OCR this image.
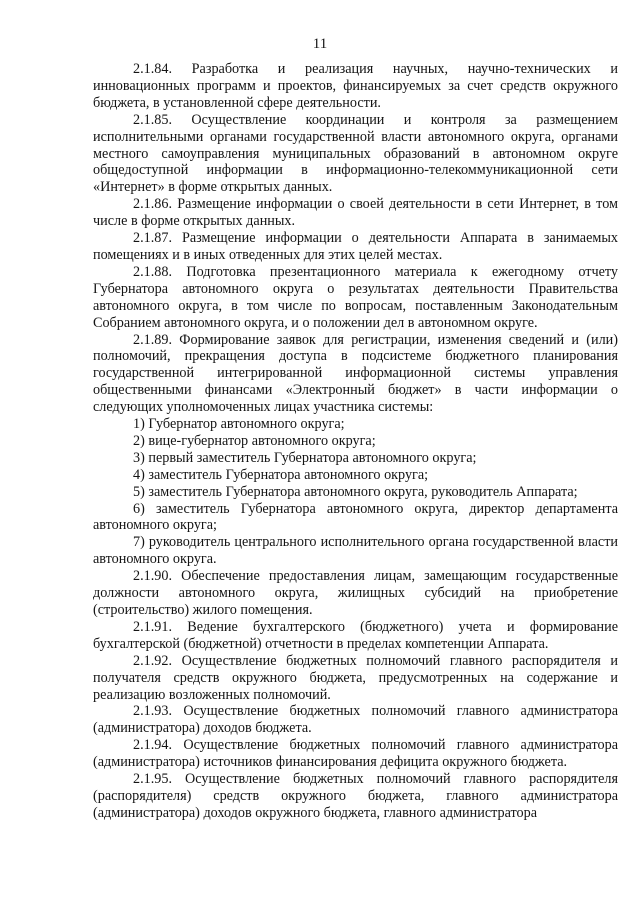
11

2.1.84. Разработка и реализация научных, научно-технических и инновационных программ и проектов, финансируемых за счет средств окружного бюджета, в установленной сфере деятельности.

2.1.85. Осуществление координации и контроля за размещением исполнительными органами государственной власти автономного округа, органами местного самоуправления муниципальных образований в автономном округе общедоступной информации в информационно-телекоммуникационной сети «Интернет» в форме открытых данных.

2.1.86. Размещение информации о своей деятельности в сети Интернет, в том числе в форме открытых данных.

2.1.87. Размещение информации о деятельности Аппарата в занимаемых помещениях и в иных отведенных для этих целей местах.

2.1.88. Подготовка презентационного материала к ежегодному отчету Губернатора автономного округа о результатах деятельности Правительства автономного округа, в том числе по вопросам, поставленным Законодательным Собранием автономного округа, и о положении дел в автономном округе.

2.1.89. Формирование заявок для регистрации, изменения сведений и (или) полномочий, прекращения доступа в подсистеме бюджетного планирования государственной интегрированной информационной системы управления общественными финансами «Электронный бюджет» в части информации о следующих уполномоченных лицах участника системы:

1) Губернатор автономного округа;

2) вице-губернатор автономного округа;

3) первый заместитель Губернатора автономного округа;

4) заместитель Губернатора автономного округа;

5) заместитель Губернатора автономного округа, руководитель Аппарата;

6) заместитель Губернатора автономного округа, директор департамента автономного округа;

7) руководитель центрального исполнительного органа государственной власти автономного округа.

2.1.90. Обеспечение предоставления лицам, замещающим государственные должности автономного округа, жилищных субсидий на приобретение (строительство) жилого помещения.

2.1.91. Ведение бухгалтерского (бюджетного) учета и формирование бухгалтерской (бюджетной) отчетности в пределах компетенции Аппарата.

2.1.92. Осуществление бюджетных полномочий главного распорядителя и получателя средств окружного бюджета, предусмотренных на содержание и реализацию возложенных полномочий.

2.1.93. Осуществление бюджетных полномочий главного администратора (администратора) доходов бюджета.

2.1.94. Осуществление бюджетных полномочий главного администратора (администратора) источников финансирования дефицита окружного бюджета.

2.1.95. Осуществление бюджетных полномочий главного распорядителя (распорядителя) средств окружного бюджета, главного администратора (администратора) доходов окружного бюджета, главного администратора
